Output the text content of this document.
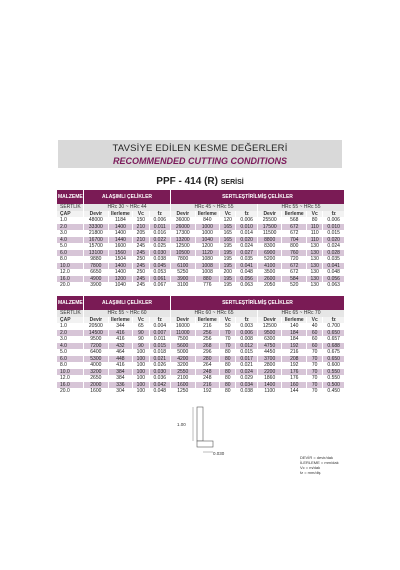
TAVSİYE EDİLEN KESME DEĞERLERİ
RECOMMENDED CUTTING CONDITIONS
PPF - 414 (R) SERİSİ
MALZEME	ALAŞIMLI ÇELİKLER				SERTLEŞTİRİLMİŞ ÇELİKLER							
SERTLİK	HRc 30 ~ HRc 44				HRc 45 ~ HRc 55				HRc 55 ~ HRc 55			
ÇAP	Devir	İlerleme	Vc	fz	Devir	İlerleme	Vc	fz	Devir	İlerleme	Vc	fz
1.0	48000	1184	150	0.006	36000	840	120	0.006	25500	568	80	0.006
2.0	33300	1400	210	0.011	26000	1000	165	0.010	17500	672	110	0.010
3.0	21800	1400	205	0.016	17300	1000	165	0.014	11500	672	110	0.015
4.0	16700	1440	210	0.022	13200	1040	165	0.020	8800	704	110	0.020
5.0	15700	1600	245	0.025	12500	1200	195	0.024	8300	800	130	0.024
6.0	13100	1560	245	0.030	10500	1120	195	0.027	6900	760	130	0.028
8.0	9880	1504	250	0.038	7800	1080	195	0.035	5200	720	130	0.035
10.0	7800	1400	245	0.045	6100	1008	195	0.041	4100	672	130	0.041
12.0	6650	1400	250	0.053	5250	1008	200	0.048	3500	672	130	0.048
16.0	4900	1200	245	0.061	3900	880	195	0.056	2600	584	130	0.056
20.0	3900	1040	245	0.067	3100	776	195	0.063	2050	520	130	0.063
MALZEME	ALAŞIMLI ÇELİKLER				SERTLEŞTİRİLMİŞ ÇELİKLER							
SERTLİK	HRc 55 ~ HRc 60				HRc 60 ~ HRc 65				HRc 65 ~ HRc 70			
ÇAP	Devir	İlerleme	Vc	fz	Devir	İlerleme	Vc	fz	Devir	İlerleme	Vc	fz
1.0	20500	344	65	0.004	16000	216	50	0.003	12500	140	40	0.700
2.0	14500	416	90	0.007	11000	256	70	0.006	9500	184	60	0.650
3.0	9500	416	90	0.011	7500	256	70	0.008	6300	184	60	0.657
4.0	7200	432	90	0.015	5600	268	70	0.012	4750	192	60	0.688
5.0	6400	464	100	0.018	5000	296	80	0.015	4450	216	70	0.675
6.0	5300	448	100	0.021	4200	280	80	0.017	3700	208	70	0.650
8.0	4000	416	100	0.026	3200	264	80	0.021	2800	192	70	0.600
10.0	3200	384	100	0.030	2550	248	80	0.024	2200	176	70	0.550
12.0	2650	384	100	0.036	2100	248	80	0.029	1860	176	70	0.550
16.0	2000	336	100	0.042	1600	216	80	0.034	1400	160	70	0.500
20.0	1600	304	100	0.048	1250	192	80	0.038	1100	144	70	0.450
1.00
0.030
DEVİR = devir/dak
İLERLEME = mm/dak
Vc = m/dak
fz = mm/diş
